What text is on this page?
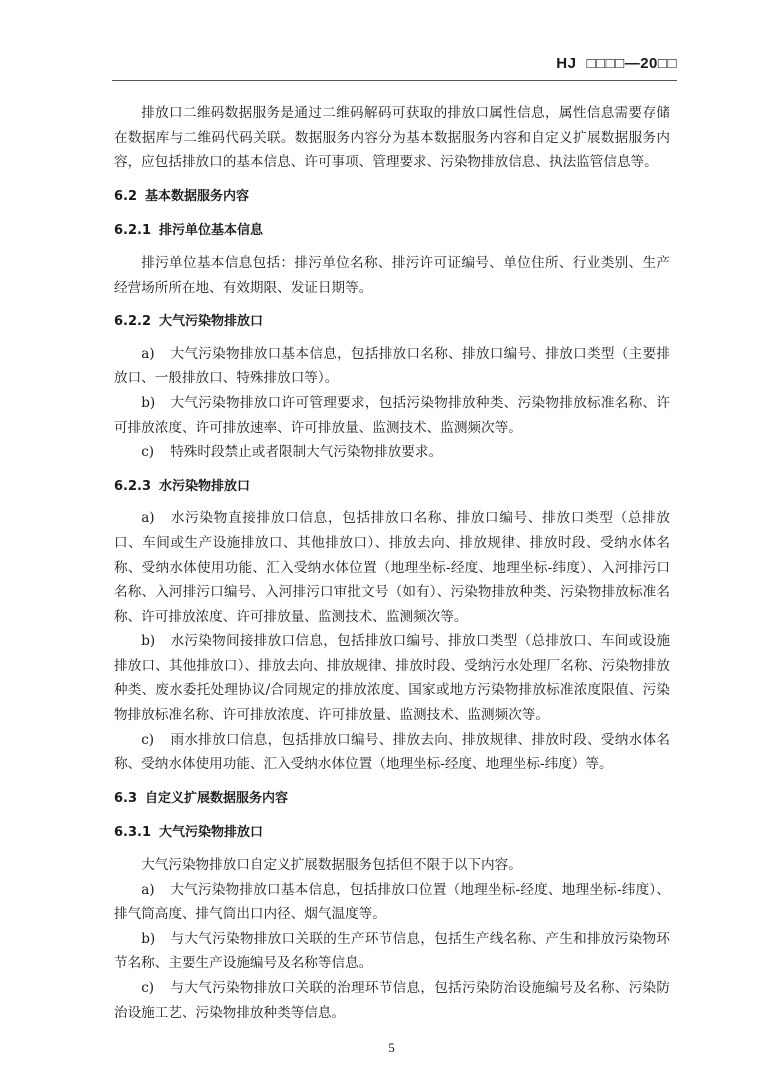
HJ □□□□—20□□

排放口二维码数据服务是通过二维码解码可获取的排放口属性信息，属性信息需要存储在数据库与二维码代码关联。数据服务内容分为基本数据服务内容和自定义扩展数据服务内容，应包括排放口的基本信息、许可事项、管理要求、污染物排放信息、执法监管信息等。

6.2 基本数据服务内容

6.2.1 排污单位基本信息

排污单位基本信息包括：排污单位名称、排污许可证编号、单位住所、行业类别、生产经营场所所在地、有效期限、发证日期等。

6.2.2 大气污染物排放口

a) 大气污染物排放口基本信息，包括排放口名称、排放口编号、排放口类型（主要排放口、一般排放口、特殊排放口等）。

b) 大气污染物排放口许可管理要求，包括污染物排放种类、污染物排放标准名称、许可排放浓度、许可排放速率、许可排放量、监测技术、监测频次等。

c) 特殊时段禁止或者限制大气污染物排放要求。

6.2.3 水污染物排放口

a) 水污染物直接排放口信息，包括排放口名称、排放口编号、排放口类型（总排放口、车间或生产设施排放口、其他排放口）、排放去向、排放规律、排放时段、受纳水体名称、受纳水体使用功能、汇入受纳水体位置（地理坐标-经度、地理坐标-纬度）、入河排污口名称、入河排污口编号、入河排污口审批文号（如有）、污染物排放种类、污染物排放标准名称、许可排放浓度、许可排放量、监测技术、监测频次等。

b) 水污染物间接排放口信息，包括排放口编号、排放口类型（总排放口、车间或设施排放口、其他排放口）、排放去向、排放规律、排放时段、受纳污水处理厂名称、污染物排放种类、废水委托处理协议/合同规定的排放浓度、国家或地方污染物排放标准浓度限值、污染物排放标准名称、许可排放浓度、许可排放量、监测技术、监测频次等。

c) 雨水排放口信息，包括排放口编号、排放去向、排放规律、排放时段、受纳水体名称、受纳水体使用功能、汇入受纳水体位置（地理坐标-经度、地理坐标-纬度）等。

6.3 自定义扩展数据服务内容

6.3.1 大气污染物排放口

大气污染物排放口自定义扩展数据服务包括但不限于以下内容。

a) 大气污染物排放口基本信息，包括排放口位置（地理坐标-经度、地理坐标-纬度）、排气筒高度、排气筒出口内径、烟气温度等。

b) 与大气污染物排放口关联的生产环节信息，包括生产线名称、产生和排放污染物环节名称、主要生产设施编号及名称等信息。

c) 与大气污染物排放口关联的治理环节信息，包括污染防治设施编号及名称、污染防治设施工艺、污染物排放种类等信息。

5
